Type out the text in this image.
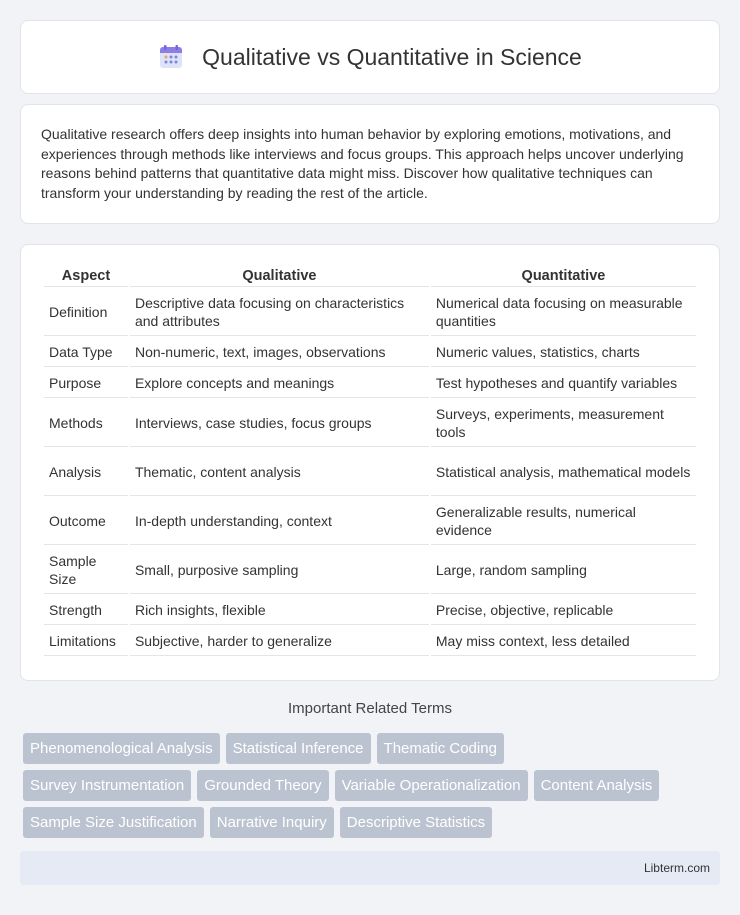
Qualitative vs Quantitative in Science

Qualitative research offers deep insights into human behavior by exploring emotions, motivations, and experiences through methods like interviews and focus groups. This approach helps uncover underlying reasons behind patterns that quantitative data might miss. Discover how qualitative techniques can transform your understanding by reading the rest of the article.

Aspect	Qualitative	Quantitative
Definition	Descriptive data focusing on characteristics and attributes	Numerical data focusing on measurable quantities
Data Type	Non-numeric, text, images, observations	Numeric values, statistics, charts
Purpose	Explore concepts and meanings	Test hypotheses and quantify variables
Methods	Interviews, case studies, focus groups	Surveys, experiments, measurement tools
Analysis	Thematic, content analysis	Statistical analysis, mathematical models
Outcome	In-depth understanding, context	Generalizable results, numerical evidence
Sample Size	Small, purposive sampling	Large, random sampling
Strength	Rich insights, flexible	Precise, objective, replicable
Limitations	Subjective, harder to generalize	May miss context, less detailed
Important Related Terms
Phenomenological Analysis	Statistical Inference	Thematic Coding
Survey Instrumentation	Grounded Theory	Variable Operationalization	Content Analysis
Sample Size Justification	Narrative Inquiry	Descriptive Statistics
Libterm.com
